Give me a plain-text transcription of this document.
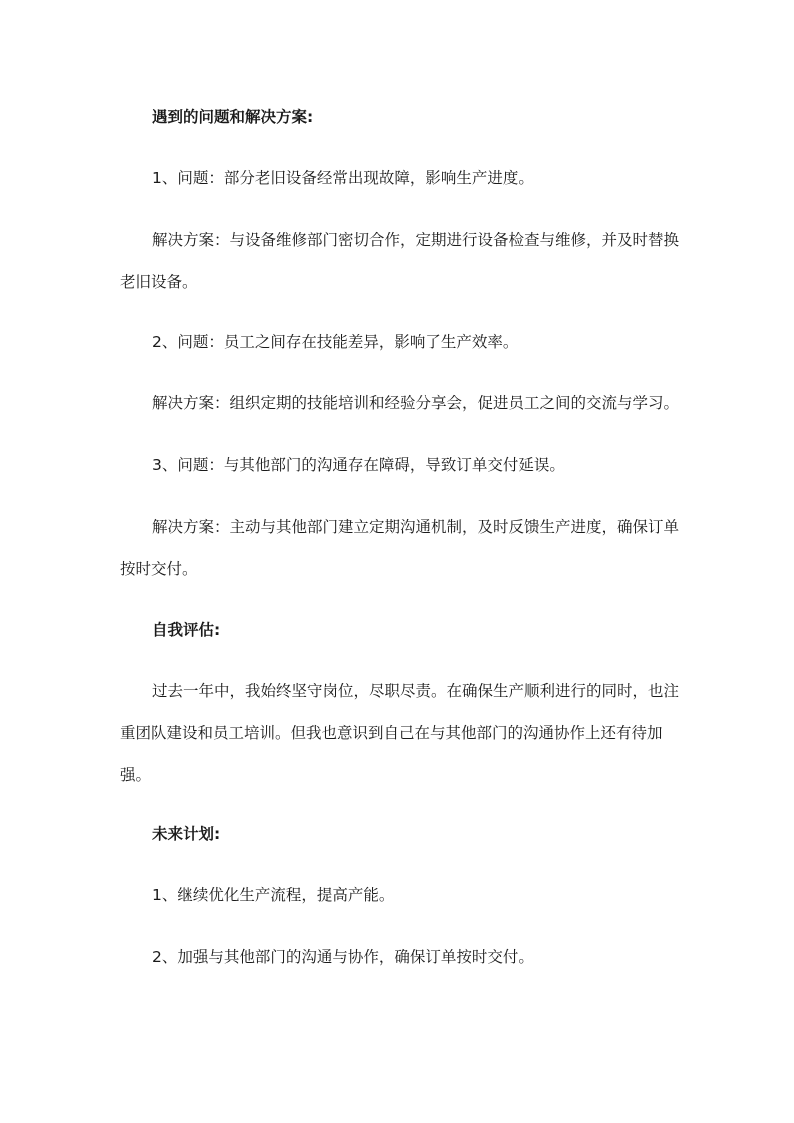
遇到的问题和解决方案:

1、问题：部分老旧设备经常出现故障，影响生产进度。

解决方案：与设备维修部门密切合作，定期进行设备检查与维修，并及时替换老旧设备。

2、问题：员工之间存在技能差异，影响了生产效率。

解决方案：组织定期的技能培训和经验分享会，促进员工之间的交流与学习。

3、问题：与其他部门的沟通存在障碍，导致订单交付延误。

解决方案：主动与其他部门建立定期沟通机制，及时反馈生产进度，确保订单按时交付。

自我评估:

过去一年中，我始终坚守岗位，尽职尽责。在确保生产顺利进行的同时，也注重团队建设和员工培训。但我也意识到自己在与其他部门的沟通协作上还有待加强。

未来计划:

1、继续优化生产流程，提高产能。

2、加强与其他部门的沟通与协作，确保订单按时交付。
